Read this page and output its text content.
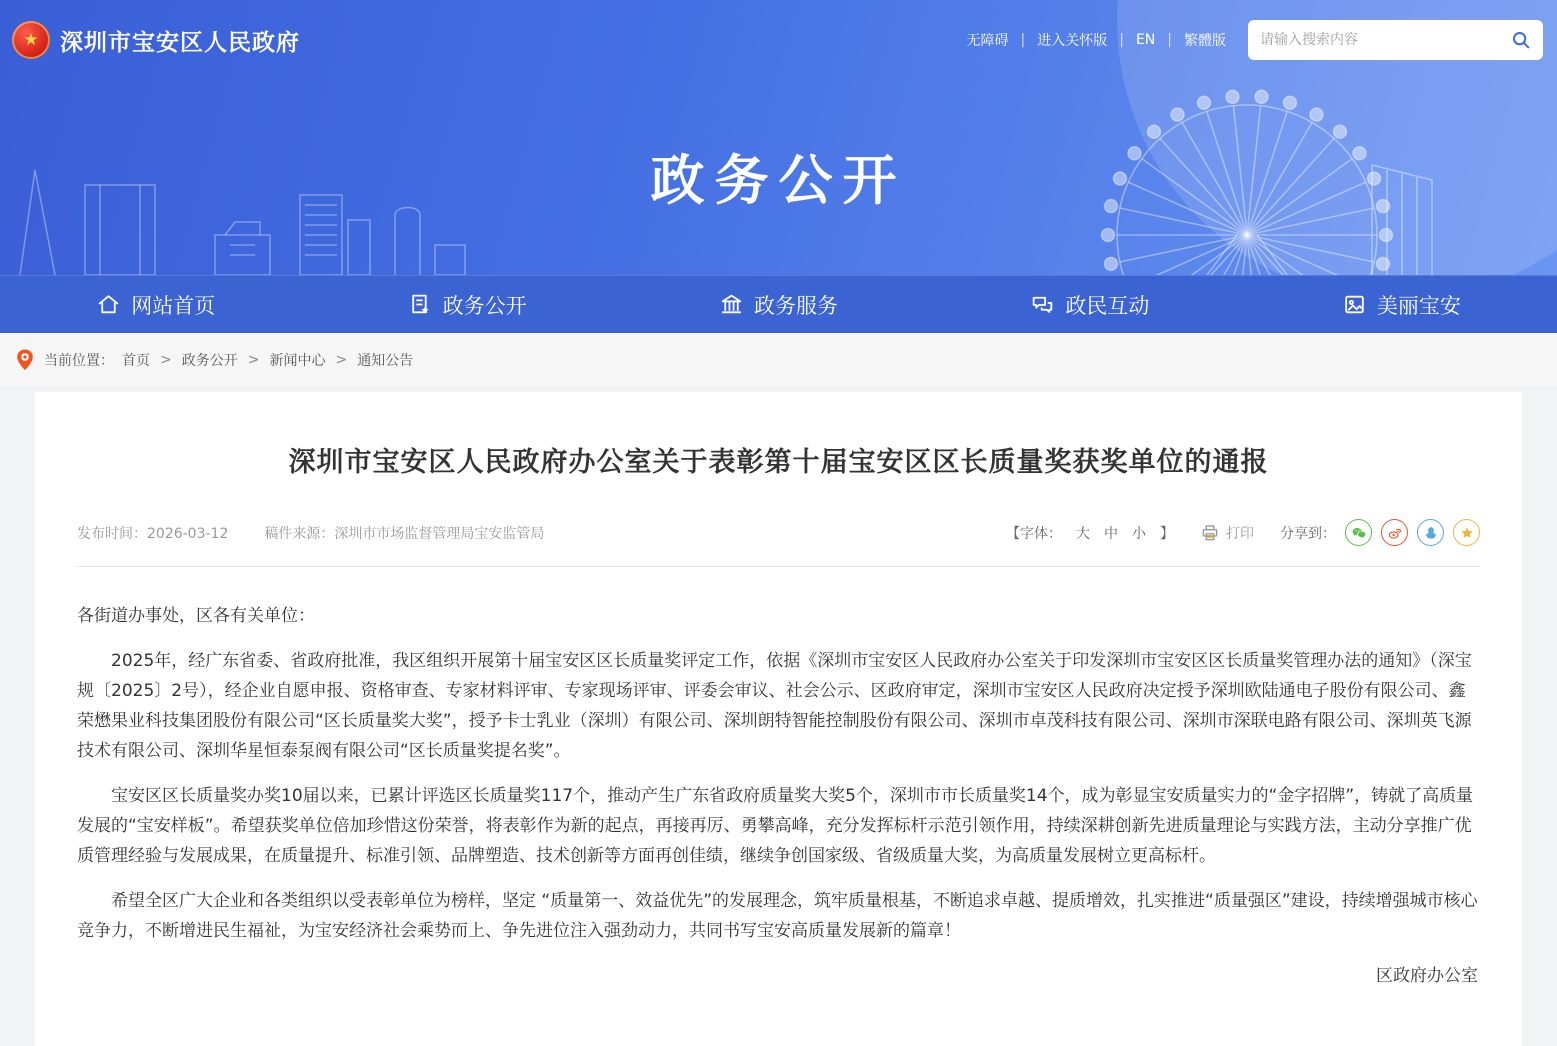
★ 深圳市宝安区人民政府	无障碍 | 进入关怀版 | EN | 繁體版
请输入搜索内容
政务公开
网站首页	政务公开	政务服务	政民互动	美丽宝安
当前位置： 首页 > 政务公开 > 新闻中心 > 通知公告
深圳市宝安区人民政府办公室关于表彰第十届宝安区区长质量奖获奖单位的通报
发布时间：2026-03-12	稿件来源：深圳市市场监督管理局宝安监管局	【字体： 大 中 小 】	打印 分享到：

各街道办事处，区各有关单位：

2025年，经广东省委、省政府批准，我区组织开展第十届宝安区区长质量奖评定工作，依据《深圳市宝安区人民政府办公室关于印发深圳市宝安区区长质量奖管理办法的通知》（深宝规〔2025〕2号），经企业自愿申报、资格审查、专家材料评审、专家现场评审、评委会审议、社会公示、区政府审定，深圳市宝安区人民政府决定授予深圳欧陆通电子股份有限公司、鑫荣懋果业科技集团股份有限公司“区长质量奖大奖”，授予卡士乳业（深圳）有限公司、深圳朗特智能控制股份有限公司、深圳市卓茂科技有限公司、深圳市深联电路有限公司、深圳英飞源技术有限公司、深圳华星恒泰泵阀有限公司“区长质量奖提名奖”。

宝安区区长质量奖办奖10届以来，已累计评选区长质量奖117个，推动产生广东省政府质量奖大奖5个，深圳市市长质量奖14个，成为彰显宝安质量实力的“金字招牌”，铸就了高质量发展的“宝安样板”。希望获奖单位倍加珍惜这份荣誉，将表彰作为新的起点，再接再厉、勇攀高峰，充分发挥标杆示范引领作用，持续深耕创新先进质量理论与实践方法，主动分享推广优质管理经验与发展成果，在质量提升、标准引领、品牌塑造、技术创新等方面再创佳绩，继续争创国家级、省级质量大奖，为高质量发展树立更高标杆。

希望全区广大企业和各类组织以受表彰单位为榜样，坚定 “质量第一、效益优先”的发展理念，筑牢质量根基，不断追求卓越、提质增效，扎实推进“质量强区”建设，持续增强城市核心竞争力，不断增进民生福祉，为宝安经济社会乘势而上、争先进位注入强劲动力，共同书写宝安高质量发展新的篇章！

区政府办公室
